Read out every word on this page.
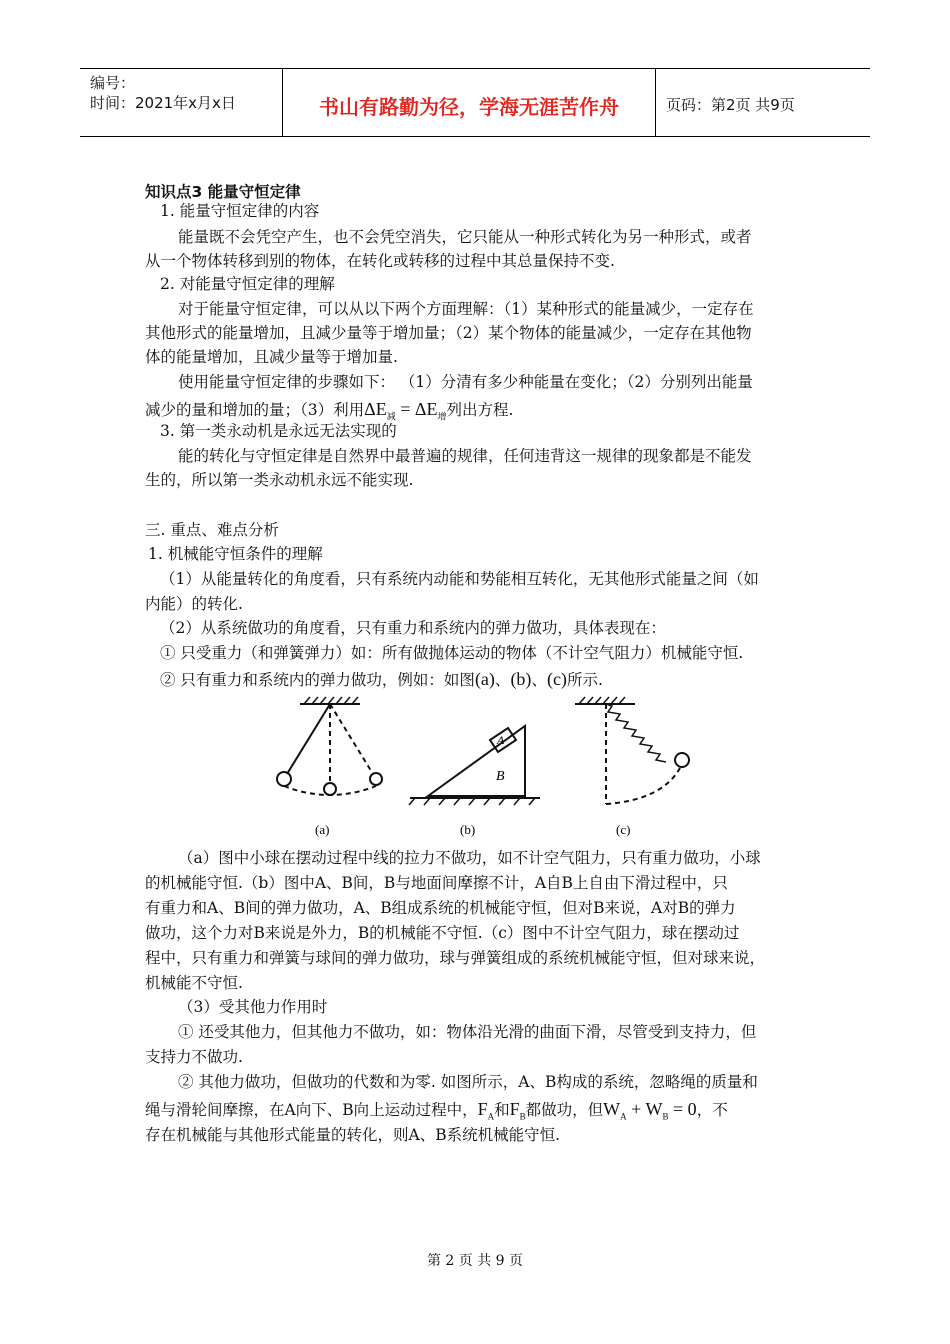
编号：
时间：2021年x月x日	书山有路勤为径，学海无涯苦作舟	页码：第2页 共9页
知识点3 能量守恒定律
1. 能量守恒定律的内容
能量既不会凭空产生，也不会凭空消失，它只能从一种形式转化为另一种形式，或者
从一个物体转移到别的物体，在转化或转移的过程中其总量保持不变.
2. 对能量守恒定律的理解
对于能量守恒定律，可以从以下两个方面理解：（1）某种形式的能量减少，一定存在
其他形式的能量增加，且减少量等于增加量；（2）某个物体的能量减少，一定存在其他物
体的能量增加，且减少量等于增加量.
使用能量守恒定律的步骤如下： （1）分清有多少种能量在变化；（2）分别列出能量
减少的量和增加的量；（3）利用$\Delta E_减 = \Delta E_增$列出方程.
3. 第一类永动机是永远无法实现的
能的转化与守恒定律是自然界中最普遍的规律，任何违背这一规律的现象都是不能发
生的，所以第一类永动机永远不能实现.
三. 重点、难点分析
1. 机械能守恒条件的理解
（1）从能量转化的角度看，只有系统内动能和势能相互转化，无其他形式能量之间（如
内能）的转化.
（2）从系统做功的角度看，只有重力和系统内的弹力做功，具体表现在：
① 只受重力（和弹簧弹力）如：所有做抛体运动的物体（不计空气阻力）机械能守恒.
② 只有重力和系统内的弹力做功，例如：如图(a)、(b)、(c)所示.
A
B
(a)	(b)	(c)
（a）图中小球在摆动过程中线的拉力不做功，如不计空气阻力，只有重力做功，小球
的机械能守恒.（b）图中A、B间，B与地面间摩擦不计，A自B上自由下滑过程中，只
有重力和A、B间的弹力做功，A、B组成系统的机械能守恒，但对B来说，A对B的弹力
做功，这个力对B来说是外力，B的机械能不守恒.（c）图中不计空气阻力，球在摆动过
程中，只有重力和弹簧与球间的弹力做功，球与弹簧组成的系统机械能守恒，但对球来说，
机械能不守恒.
（3）受其他力作用时
① 还受其他力，但其他力不做功，如：物体沿光滑的曲面下滑，尽管受到支持力，但
支持力不做功.
② 其他力做功，但做功的代数和为零. 如图所示，A、B构成的系统，忽略绳的质量和
绳与滑轮间摩擦，在A向下、B向上运动过程中，$F_A$和$F_B$都做功，但$W_A + W_B = 0$，不
存在机械能与其他形式能量的转化，则A、B系统机械能守恒.
第 2 页 共 9 页
